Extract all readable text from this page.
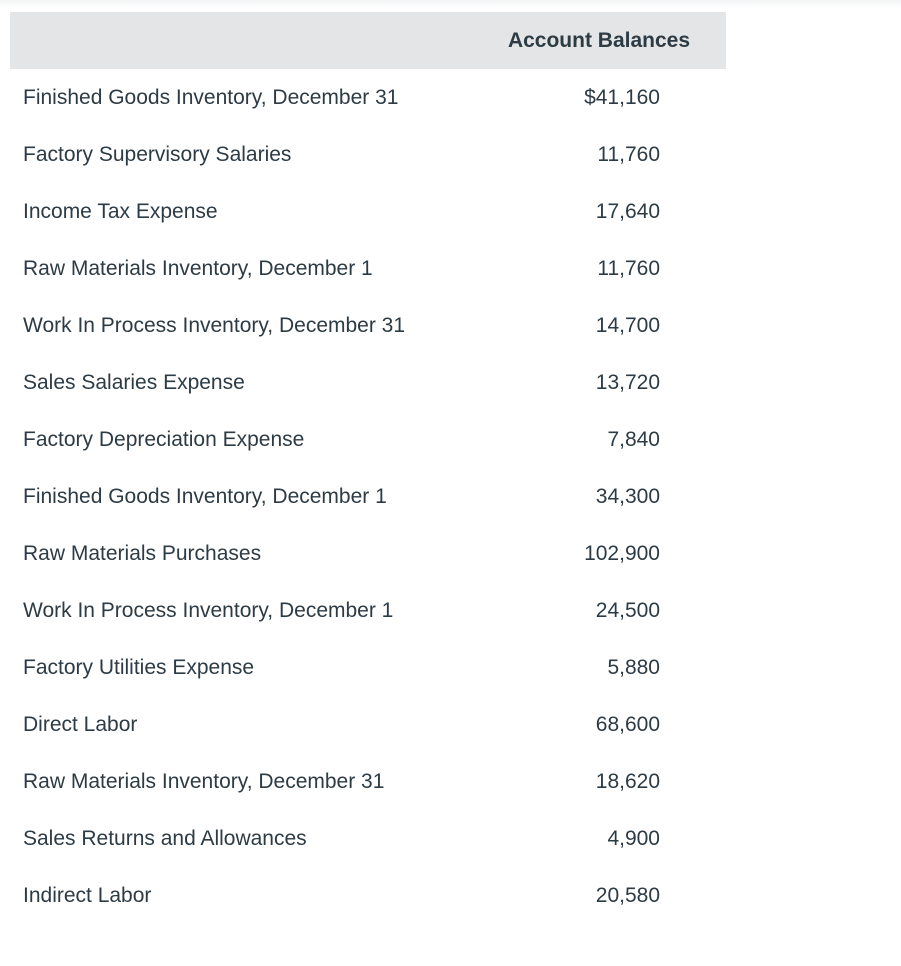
	Account Balances
Finished Goods Inventory, December 31	$41,160
Factory Supervisory Salaries	11,760
Income Tax Expense	17,640
Raw Materials Inventory, December 1	11,760
Work In Process Inventory, December 31	14,700
Sales Salaries Expense	13,720
Factory Depreciation Expense	7,840
Finished Goods Inventory, December 1	34,300
Raw Materials Purchases	102,900
Work In Process Inventory, December 1	24,500
Factory Utilities Expense	5,880
Direct Labor	68,600
Raw Materials Inventory, December 31	18,620
Sales Returns and Allowances	4,900
Indirect Labor	20,580
